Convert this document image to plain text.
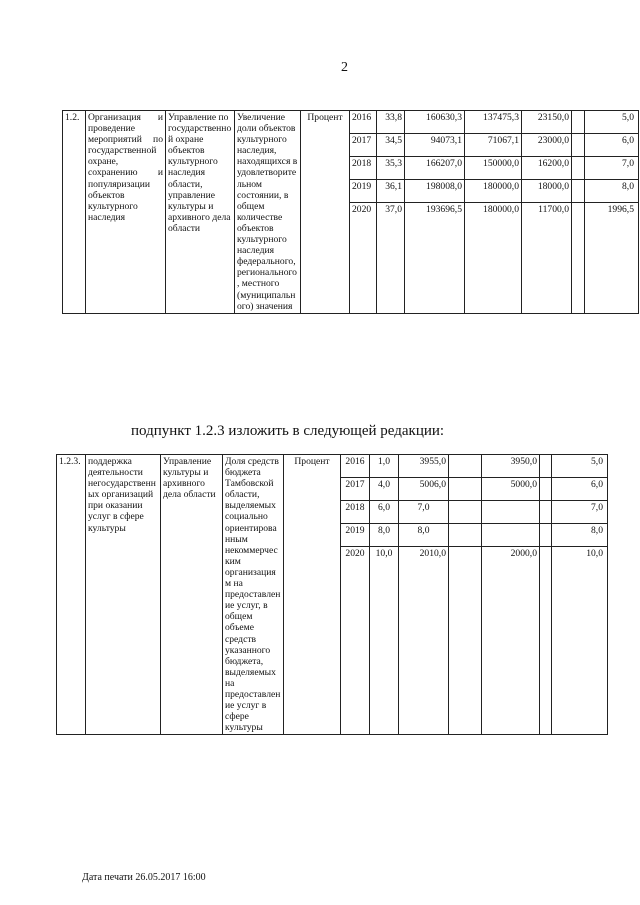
2
1.2.	Организация и проведение мероприятий по государственной охране, сохранению и популяризации объектов культурного наследия	Управление по государственной охране объектов культурного наследия области, управление культуры и архивного дела области	Увеличение доли объектов культурного наследия, находящихся в удовлетворительном состоянии, в общем количестве объектов культурного наследия федерального, регионального, местного (муниципального) значения	Процент	2016	33,8	160630,3	137475,3	23150,0		5,0
					2017	34,5	94073,1	71067,1	23000,0		6,0
					2018	35,3	166207,0	150000,0	16200,0		7,0
					2019	36,1	198008,0	180000,0	18000,0		8,0
					2020	37,0	193696,5	180000,0	11700,0		1996,5

подпункт 1.2.3 изложить в следующей редакции:
1.2.3.	поддержка деятельности негосударственных организаций при оказании услуг в сфере культуры	Управление культуры и архивного дела области	Доля средств бюджета Тамбовской области, выделяемых социально ориентированным некоммерческим организациям на предоставление услуг, в общем объеме средств указанного бюджета, выделяемых на предоставление услуг в сфере культуры	Процент	2016	1,0	3955,0		3950,0		5,0
					2017	4,0	5006,0		5000,0		6,0
					2018	6,0	7,0				7,0
					2019	8,0	8,0				8,0
					2020	10,0	2010,0		2000,0		10,0

Дата печати 26.05.2017 16:00
